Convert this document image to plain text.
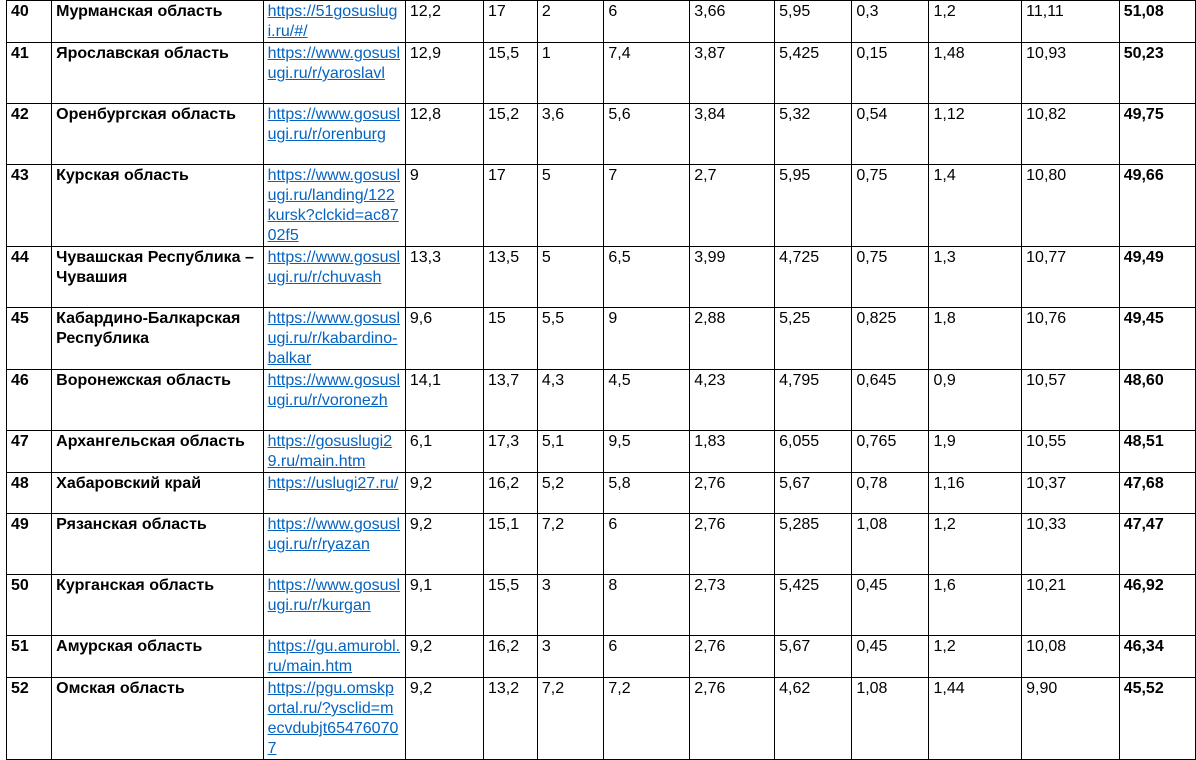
40	Мурманская область	https://51gosuslugi.ru/#/	12,2	17	2	6	3,66	5,95	0,3	1,2	11,11	51,08
41	Ярославская область	https://www.gosuslugi.ru/r/yaroslavl	12,9	15,5	1	7,4	3,87	5,425	0,15	1,48	10,93	50,23
42	Оренбургская область	https://www.gosuslugi.ru/r/orenburg	12,8	15,2	3,6	5,6	3,84	5,32	0,54	1,12	10,82	49,75
43	Курская область	https://www.gosuslugi.ru/landing/122kursk?clckid=ac8702f5	9	17	5	7	2,7	5,95	0,75	1,4	10,80	49,66
44	Чувашская Республика – Чувашия	https://www.gosuslugi.ru/r/chuvash	13,3	13,5	5	6,5	3,99	4,725	0,75	1,3	10,77	49,49
45	Кабардино-Балкарская Республика	https://www.gosuslugi.ru/r/kabardino-balkar	9,6	15	5,5	9	2,88	5,25	0,825	1,8	10,76	49,45
46	Воронежская область	https://www.gosuslugi.ru/r/voronezh	14,1	13,7	4,3	4,5	4,23	4,795	0,645	0,9	10,57	48,60
47	Архангельская область	https://gosuslugi29.ru/main.htm	6,1	17,3	5,1	9,5	1,83	6,055	0,765	1,9	10,55	48,51
48	Хабаровский край	https://uslugi27.ru/	9,2	16,2	5,2	5,8	2,76	5,67	0,78	1,16	10,37	47,68
49	Рязанская область	https://www.gosuslugi.ru/r/ryazan	9,2	15,1	7,2	6	2,76	5,285	1,08	1,2	10,33	47,47
50	Курганская область	https://www.gosuslugi.ru/r/kurgan	9,1	15,5	3	8	2,73	5,425	0,45	1,6	10,21	46,92
51	Амурская область	https://gu.amurobl.ru/main.htm	9,2	16,2	3	6	2,76	5,67	0,45	1,2	10,08	46,34
52	Омская область	https://pgu.omskportal.ru/?ysclid=mecvdubjt654760707	9,2	13,2	7,2	7,2	2,76	4,62	1,08	1,44	9,90	45,52
